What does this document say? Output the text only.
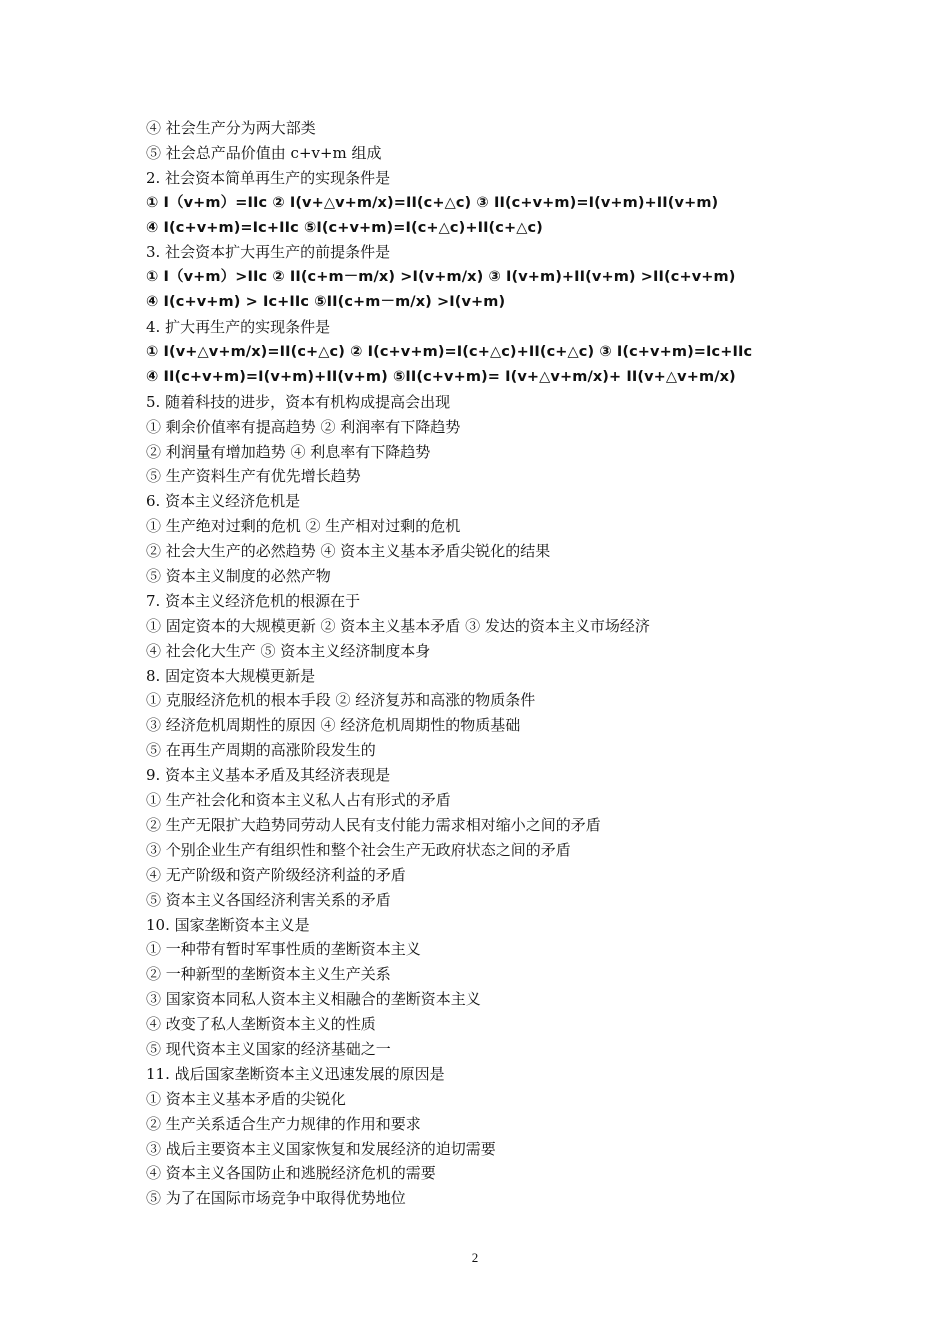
④ 社会生产分为两大部类
⑤ 社会总产品价值由 c+v+m 组成
2. 社会资本简单再生产的实现条件是
① I（v+m）=IIc ② I(v+△v+m/x)=II(c+△c) ③ II(c+v+m)=I(v+m)+II(v+m)
④ I(c+v+m)=Ic+IIc ⑤I(c+v+m)=I(c+△c)+II(c+△c)
3. 社会资本扩大再生产的前提条件是
① I（v+m）>IIc ② II(c+m－m/x) >I(v+m/x) ③ I(v+m)+II(v+m) >II(c+v+m)
④ I(c+v+m) > Ic+IIc ⑤II(c+m－m/x) >I(v+m)
4. 扩大再生产的实现条件是
① I(v+△v+m/x)=II(c+△c) ② I(c+v+m)=I(c+△c)+II(c+△c) ③ I(c+v+m)=Ic+IIc
④ II(c+v+m)=I(v+m)+II(v+m) ⑤II(c+v+m)= I(v+△v+m/x)+ II(v+△v+m/x)
5. 随着科技的进步，资本有机构成提高会出现
① 剩余价值率有提高趋势 ② 利润率有下降趋势
② 利润量有增加趋势 ④ 利息率有下降趋势
⑤ 生产资料生产有优先增长趋势
6. 资本主义经济危机是
① 生产绝对过剩的危机 ② 生产相对过剩的危机
② 社会大生产的必然趋势 ④ 资本主义基本矛盾尖锐化的结果
⑤ 资本主义制度的必然产物
7. 资本主义经济危机的根源在于
① 固定资本的大规模更新 ② 资本主义基本矛盾 ③ 发达的资本主义市场经济
④ 社会化大生产 ⑤ 资本主义经济制度本身
8. 固定资本大规模更新是
① 克服经济危机的根本手段 ② 经济复苏和高涨的物质条件
③ 经济危机周期性的原因 ④ 经济危机周期性的物质基础
⑤ 在再生产周期的高涨阶段发生的
9. 资本主义基本矛盾及其经济表现是
① 生产社会化和资本主义私人占有形式的矛盾
② 生产无限扩大趋势同劳动人民有支付能力需求相对缩小之间的矛盾
③ 个别企业生产有组织性和整个社会生产无政府状态之间的矛盾
④ 无产阶级和资产阶级经济利益的矛盾
⑤ 资本主义各国经济利害关系的矛盾
10. 国家垄断资本主义是
① 一种带有暂时军事性质的垄断资本主义
② 一种新型的垄断资本主义生产关系
③ 国家资本同私人资本主义相融合的垄断资本主义
④ 改变了私人垄断资本主义的性质
⑤ 现代资本主义国家的经济基础之一
11. 战后国家垄断资本主义迅速发展的原因是
① 资本主义基本矛盾的尖锐化
② 生产关系适合生产力规律的作用和要求
③ 战后主要资本主义国家恢复和发展经济的迫切需要
④ 资本主义各国防止和逃脱经济危机的需要
⑤ 为了在国际市场竞争中取得优势地位
2
